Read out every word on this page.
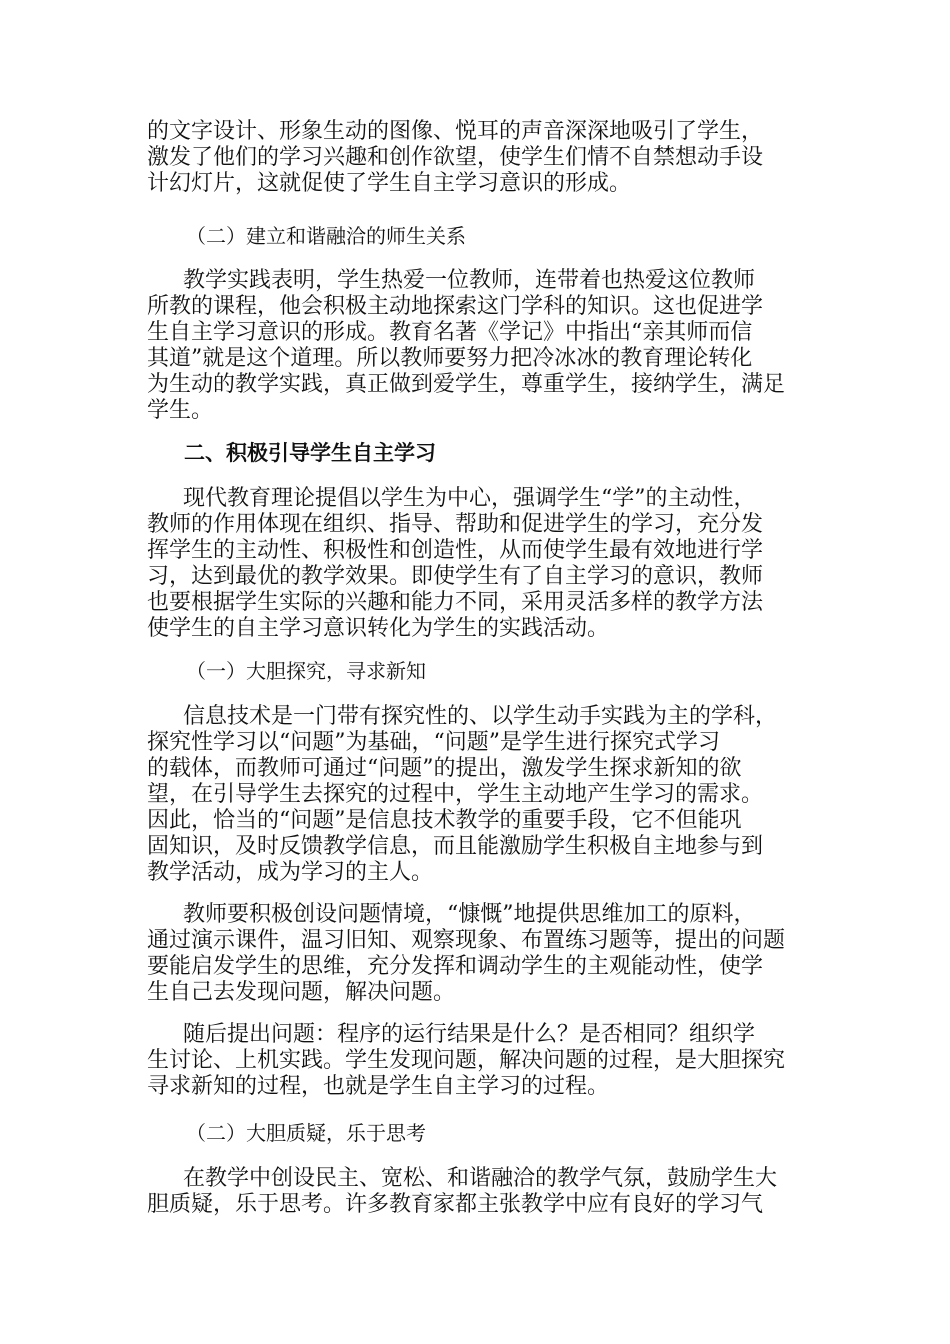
的文字设计、形象生动的图像、悦耳的声音深深地吸引了学生，
激发了他们的学习兴趣和创作欲望，使学生们情不自禁想动手设
计幻灯片，这就促使了学生自主学习意识的形成。
（二）建立和谐融洽的师生关系
教学实践表明，学生热爱一位教师，连带着也热爱这位教师
所教的课程，他会积极主动地探索这门学科的知识。这也促进学
生自主学习意识的形成。教育名著《学记》中指出“亲其师而信
其道”就是这个道理。所以教师要努力把冷冰冰的教育理论转化
为生动的教学实践，真正做到爱学生，尊重学生，接纳学生，满足
学生。
二、积极引导学生自主学习
现代教育理论提倡以学生为中心，强调学生“学”的主动性，
教师的作用体现在组织、指导、帮助和促进学生的学习，充分发
挥学生的主动性、积极性和创造性，从而使学生最有效地进行学
习，达到最优的教学效果。即使学生有了自主学习的意识，教师
也要根据学生实际的兴趣和能力不同，采用灵活多样的教学方法
使学生的自主学习意识转化为学生的实践活动。
（一）大胆探究，寻求新知
信息技术是一门带有探究性的、以学生动手实践为主的学科，
探究性学习以“问题”为基础，“问题”是学生进行探究式学习
的载体，而教师可通过“问题”的提出，激发学生探求新知的欲
望，在引导学生去探究的过程中，学生主动地产生学习的需求。
因此，恰当的“问题”是信息技术教学的重要手段，它不但能巩
固知识，及时反馈教学信息，而且能激励学生积极自主地参与到
教学活动，成为学习的主人。
教师要积极创设问题情境，“慷慨”地提供思维加工的原料，
通过演示课件，温习旧知、观察现象、布置练习题等，提出的问题
要能启发学生的思维，充分发挥和调动学生的主观能动性，使学
生自己去发现问题，解决问题。
随后提出问题：程序的运行结果是什么？是否相同？组织学
生讨论、上机实践。学生发现问题，解决问题的过程，是大胆探究
寻求新知的过程，也就是学生自主学习的过程。
（二）大胆质疑，乐于思考
在教学中创设民主、宽松、和谐融洽的教学气氛，鼓励学生大
胆质疑，乐于思考。许多教育家都主张教学中应有良好的学习气
